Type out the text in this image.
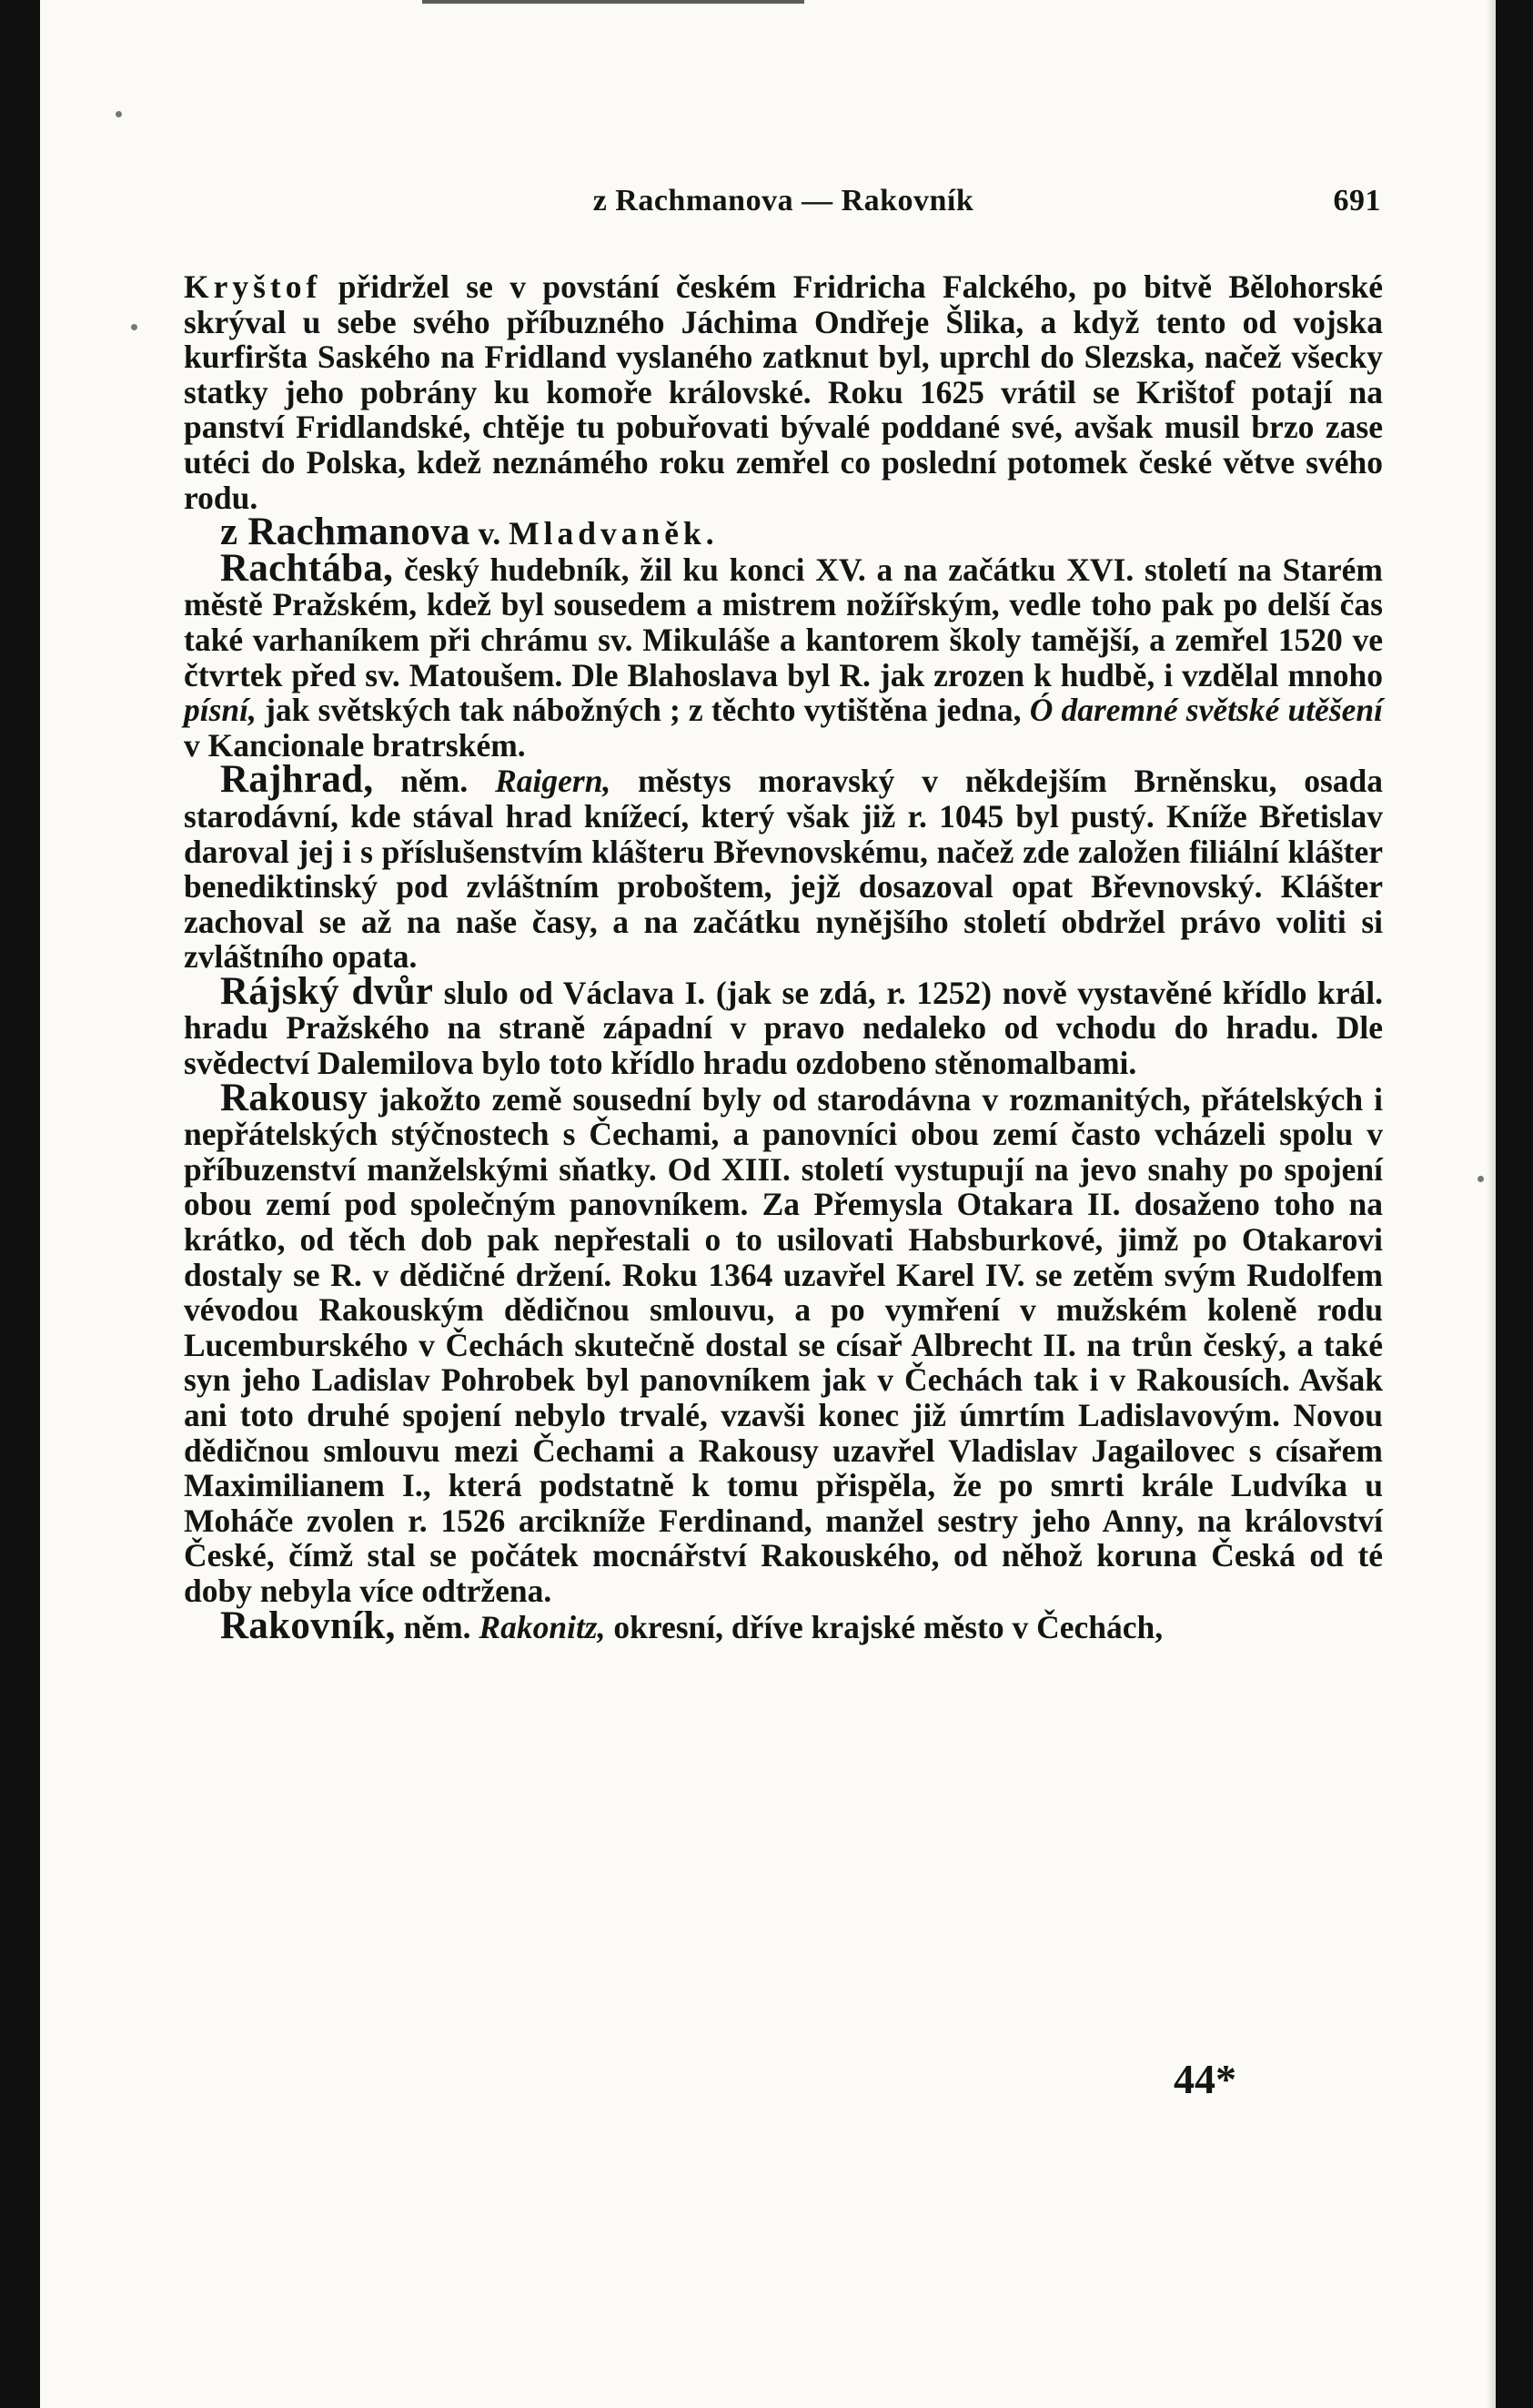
z Rachmanova — Rakovník	691

Kryštof přidržel se v povstání českém Fridricha Falckého, po bitvě Bělohorské skrýval u sebe svého příbuzného Jáchima Ondřeje Šlika, a když tento od vojska kurfiršta Saského na Fridland vyslaného zatknut byl, uprchl do Slezska, načež všecky statky jeho pobrány ku komoře královské. Roku 1625 vrátil se Krištof potají na panství Fridlandské, chtěje tu pobuřovati bývalé poddané své, avšak musil brzo zase utéci do Polska, kdež neznámého roku zemřel co poslední potomek české větve svého rodu.

z Rachmanova v. Mladvaněk.

Rachtába, český hudebník, žil ku konci XV. a na začátku XVI. století na Starém městě Pražském, kdež byl sousedem a mistrem nožířským, vedle toho pak po delší čas také varhaníkem při chrámu sv. Mikuláše a kantorem školy tamější, a zemřel 1520 ve čtvrtek před sv. Matoušem. Dle Blahoslava byl R. jak zrozen k hudbě, i vzdělal mnoho písní, jak světských tak nábožných ; z těchto vytištěna jedna, Ó daremné světské utěšení v Kancionale bratrském.

Rajhrad, něm. Raigern, městys moravský v někdejším Brněnsku, osada starodávní, kde stával hrad knížecí, který však již r. 1045 byl pustý. Kníže Břetislav daroval jej i s příslušenstvím klášteru Břevnovskému, načež zde založen filiální klášter benediktinský pod zvláštním proboštem, jejž dosazoval opat Břevnovský. Klášter zachoval se až na naše časy, a na začátku nynějšího století obdržel právo voliti si zvláštního opata.

Rájský dvůr slulo od Václava I. (jak se zdá, r. 1252) nově vystavěné křídlo král. hradu Pražského na straně západní v pravo nedaleko od vchodu do hradu. Dle svědectví Dalemilova bylo toto křídlo hradu ozdobeno stěnomalbami.

Rakousy jakožto země sousední byly od starodávna v rozmanitých, přátelských i nepřátelských stýčnostech s Čechami, a panovníci obou zemí často vcházeli spolu v příbuzenství manželskými sňatky. Od XIII. století vystupují na jevo snahy po spojení obou zemí pod společným panovníkem. Za Přemysla Otakara II. dosaženo toho na krátko, od těch dob pak nepřestali o to usilovati Habsburkové, jimž po Otakarovi dostaly se R. v dědičné držení. Roku 1364 uzavřel Karel IV. se zetěm svým Rudolfem vévodou Rakouským dědičnou smlouvu, a po vymření v mužském koleně rodu Lucemburského v Čechách skutečně dostal se císař Albrecht II. na trůn český, a také syn jeho Ladislav Pohrobek byl panovníkem jak v Čechách tak i v Rakousích. Avšak ani toto druhé spojení nebylo trvalé, vzavši konec již úmrtím Ladislavovým. Novou dědičnou smlouvu mezi Čechami a Rakousy uzavřel Vladislav Jagailovec s císařem Maximilianem I., která podstatně k tomu přispěla, že po smrti krále Ludvíka u Moháče zvolen r. 1526 arcikníže Ferdinand, manžel sestry jeho Anny, na království České, čímž stal se počátek mocnářství Rakouského, od něhož koruna Česká od té doby nebyla více odtržena.

Rakovník, něm. Rakonitz, okresní, dříve krajské město v Čechách,

44*
